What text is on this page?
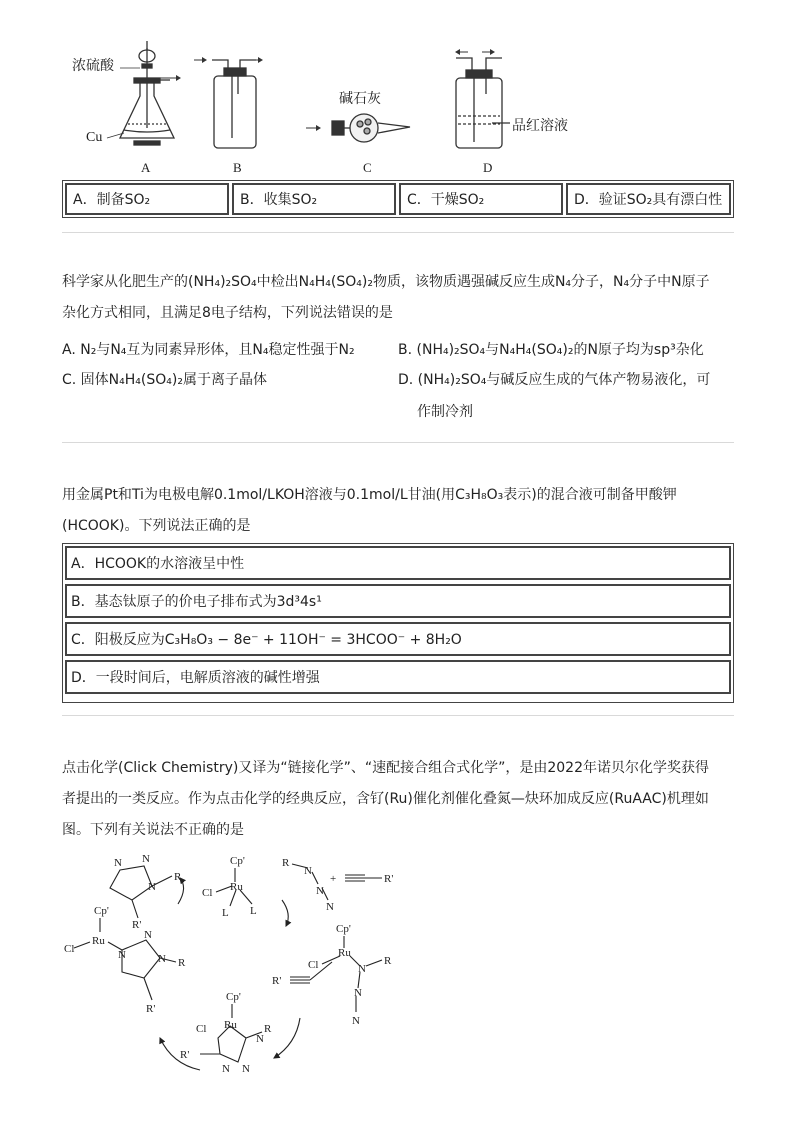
浓硫酸
Cu
碱石灰
品红溶液
A	B	C	D
A．制备SO₂	B．收集SO₂	C．干燥SO₂	D．验证SO₂具有漂白性
科学家从化肥生产的(NH₄)₂SO₄中检出N₄H₄(SO₄)₂物质，该物质遇强碱反应生成N₄分子，N₄分子中N原子
杂化方式相同，且满足8电子结构，下列说法错误的是
A. N₂与N₄互为同素异形体，且N₄稳定性强于N₂	B. (NH₄)₂SO₄与N₄H₄(SO₄)₂的N原子均为sp³杂化
C. 固体N₄H₄(SO₄)₂属于离子晶体	D. (NH₄)₂SO₄与碱反应生成的气体产物易液化，可
作制冷剂
用金属Pt和Ti为电极电解0.1mol/LKOH溶液与0.1mol/L甘油(用C₃H₈O₃表示)的混合液可制备甲酸钾
(HCOOK)。下列说法正确的是
A．HCOOK的水溶液呈中性
B．基态钛原子的价电子排布式为3d³4s¹
C．阳极反应为C₃H₈O₃ − 8e⁻ + 11OH⁻ = 3HCOO⁻ + 8H₂O
D．一段时间后，电解质溶液的碱性增强
点击化学(Click Chemistry)又译为“链接化学”、“速配接合组合式化学”，是由2022年诺贝尔化学奖获得
者提出的一类反应。作为点击化学的经典反应，含钌(Ru)催化剂催化叠氮—炔环加成反应(RuAAC)机理如
图。下列有关说法不正确的是
N N
N
R
R'
Cp'
Ru
Cl
L L
R
N
N
N
+	R'
Cp'
Ru
Cl	N
R
N
N
R'
Cp'
Ru
Cl
N
R
N
N
R'
Cp'
Ru
Cl	N
N
N R
R'
